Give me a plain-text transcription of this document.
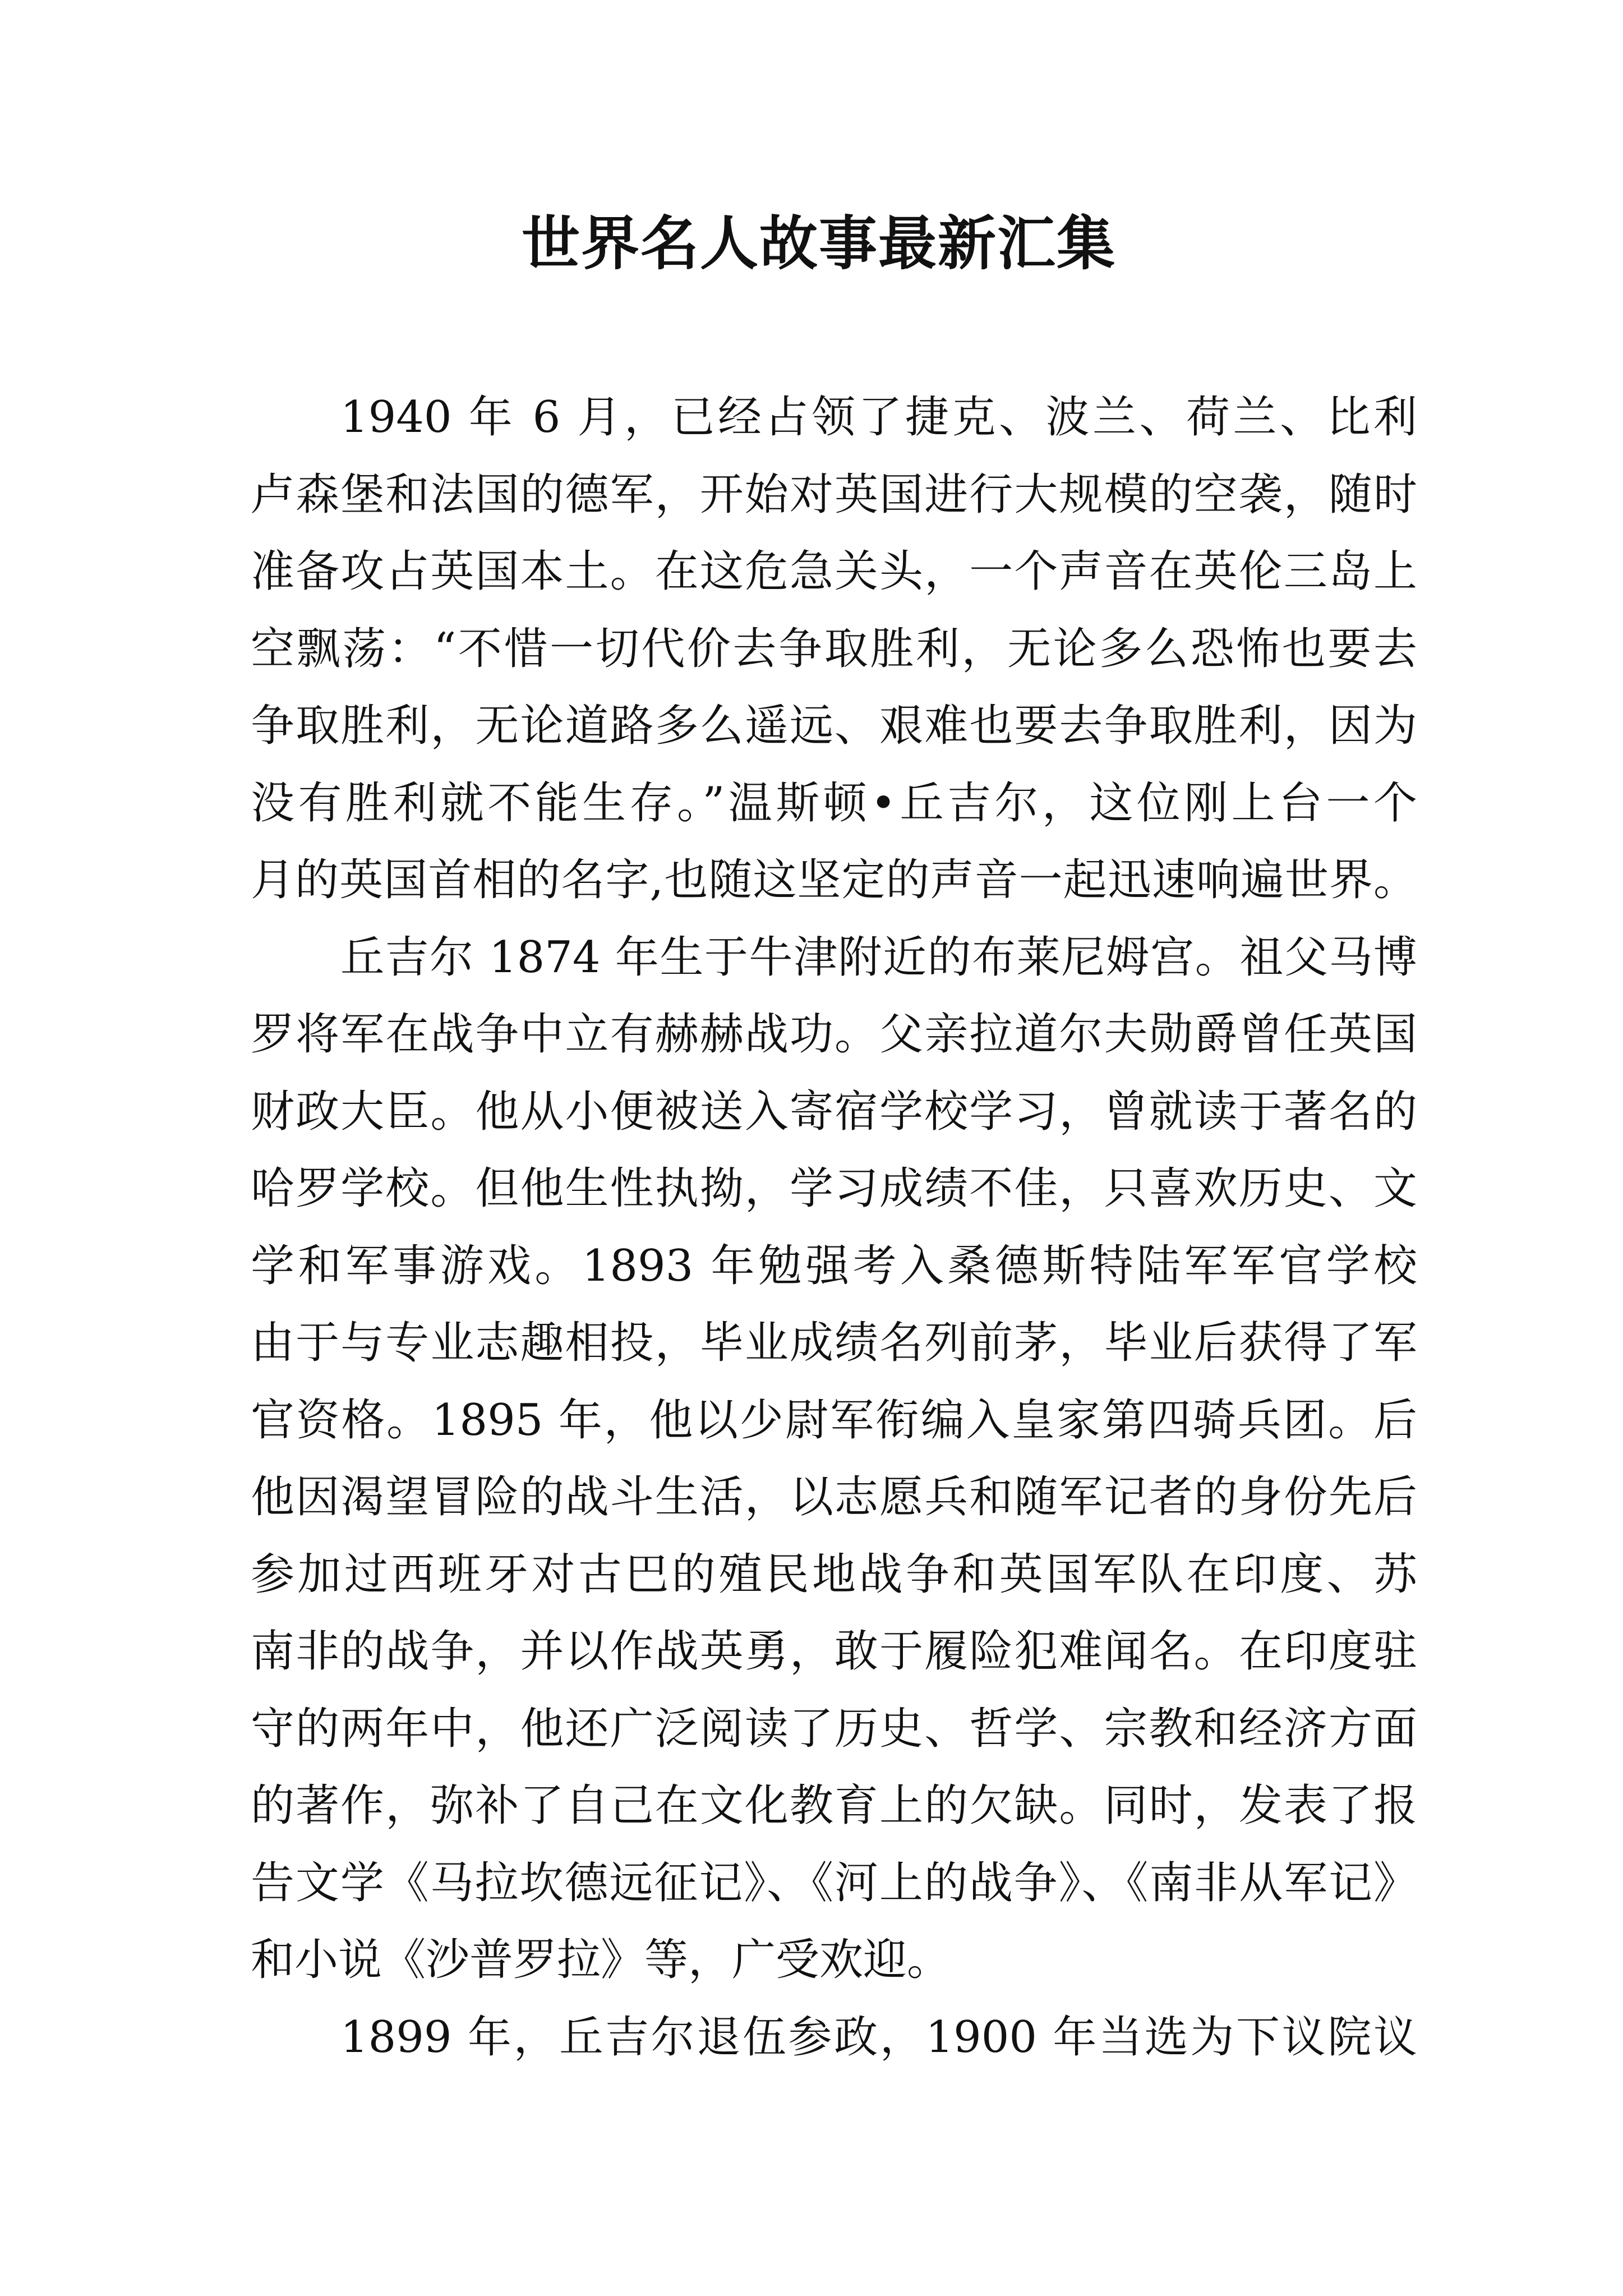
世界名人故事最新汇集
1940 年 6 月，已经占领了捷克、波兰、荷兰、比利
卢森堡和法国的德军，开始对英国进行大规模的空袭，随时
准备攻占英国本土。在这危急关头，一个声音在英伦三岛上
空飘荡：“不惜一切代价去争取胜利，无论多么恐怖也要去
争取胜利，无论道路多么遥远、艰难也要去争取胜利，因为
没有胜利就不能生存。”温斯顿•丘吉尔，这位刚上台一个
月的英国首相的名字,也随这坚定的声音一起迅速响遍世界。
丘吉尔 1874 年生于牛津附近的布莱尼姆宫。祖父马博
罗将军在战争中立有赫赫战功。父亲拉道尔夫勋爵曾任英国
财政大臣。他从小便被送入寄宿学校学习，曾就读于著名的
哈罗学校。但他生性执拗，学习成绩不佳，只喜欢历史、文
学和军事游戏。1893 年勉强考入桑德斯特陆军军官学校
由于与专业志趣相投，毕业成绩名列前茅，毕业后获得了军
官资格。1895 年，他以少尉军衔编入皇家第四骑兵团。后
他因渴望冒险的战斗生活，以志愿兵和随军记者的身份先后
参加过西班牙对古巴的殖民地战争和英国军队在印度、苏
南非的战争，并以作战英勇，敢于履险犯难闻名。在印度驻
守的两年中，他还广泛阅读了历史、哲学、宗教和经济方面
的著作，弥补了自己在文化教育上的欠缺。同时，发表了报
告文学《马拉坎德远征记》、《河上的战争》、《南非从军记》
和小说《沙普罗拉》等，广受欢迎。
1899 年，丘吉尔退伍参政，1900 年当选为下议院议
